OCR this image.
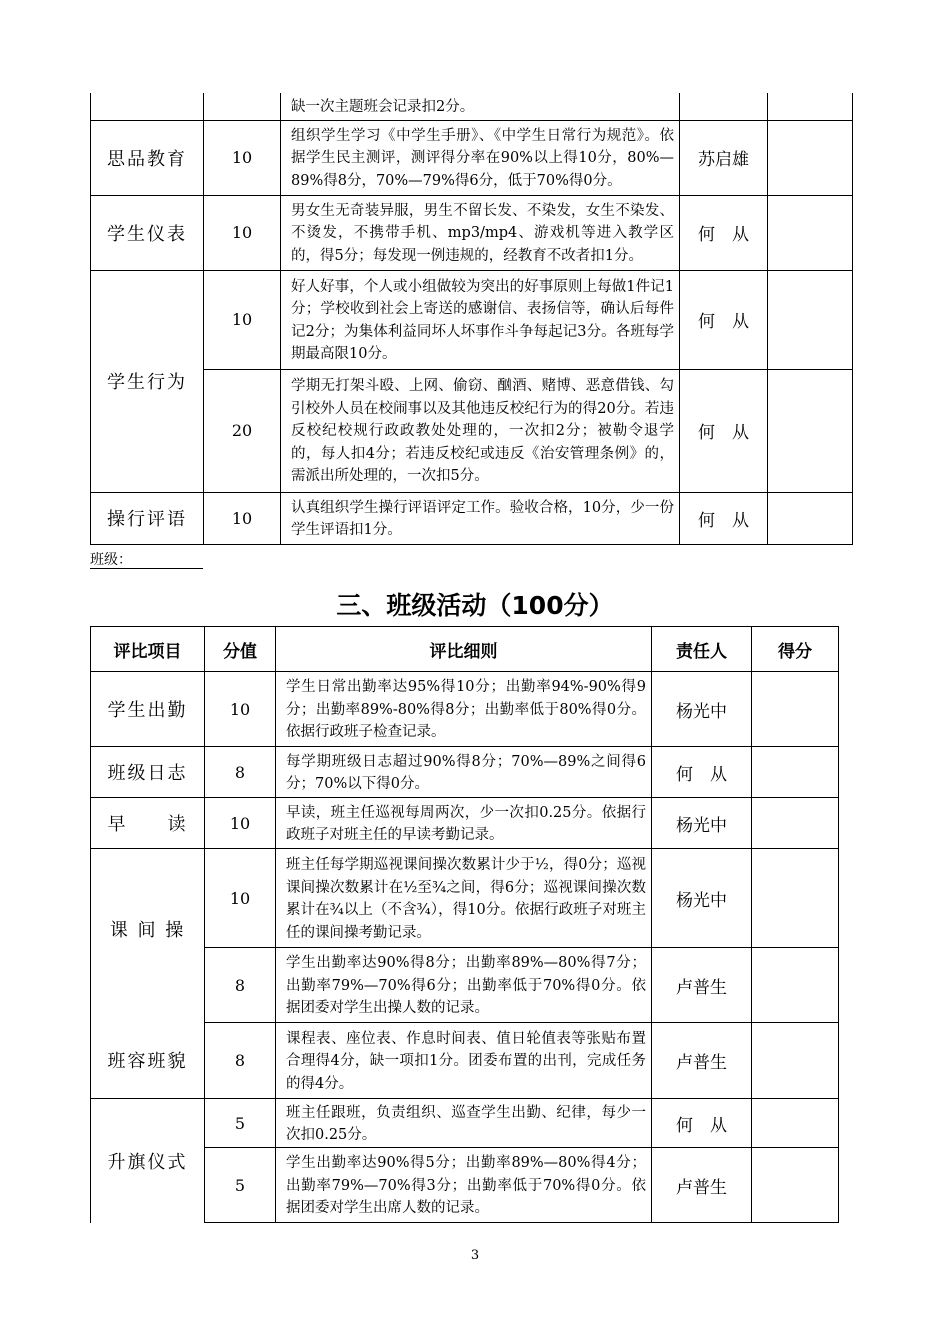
		缺一次主题班会记录扣2分。		
思品教育	10	组织学生学习《中学生手册》、《中学生日常行为规范》。依据学生民主测评，测评得分率在90%以上得10分，80%—89%得8分，70%—79%得6分，低于70%得0分。	苏启雄	
学生仪表	10	男女生无奇装异服，男生不留长发、不染发，女生不染发、不烫发，不携带手机、mp3/mp4、游戏机等进入教学区的，得5分；每发现一例违规的，经教育不改者扣1分。	何　从	
学生行为	10	好人好事，个人或小组做较为突出的好事原则上每做1件记1分；学校收到社会上寄送的感谢信、表扬信等，确认后每件记2分；为集体利益同坏人坏事作斗争每起记3分。各班每学期最高限10分。	何　从	
	20	学期无打架斗殴、上网、偷窃、酗酒、赌博、恶意借钱、勾引校外人员在校闹事以及其他违反校纪行为的得20分。若违反校纪校规行政政教处处理的，一次扣2分；被勒令退学的，每人扣4分；若违反校纪或违反《治安管理条例》的，需派出所处理的，一次扣5分。	何　从	
操行评语	10	认真组织学生操行评语评定工作。验收合格，10分，少一份学生评语扣1分。	何　从	
班级：
三、班级活动（100分）
评比项目	分值	评比细则	责任人	得分
学生出勤	10	学生日常出勤率达95%得10分；出勤率94%-90%得9分；出勤率89%-80%得8分；出勤率低于80%得0分。依据行政班子检查记录。	杨光中	
班级日志	8	每学期班级日志超过90%得8分；70%—89%之间得6分；70%以下得0分。	何　从	
早　　读	10	早读，班主任巡视每周两次，少一次扣0.25分。依据行政班子对班主任的早读考勤记录。	杨光中	
课 间 操	10	班主任每学期巡视课间操次数累计少于½，得0分；巡视课间操次数累计在½至¾之间，得6分；巡视课间操次数累计在¾以上（不含¾），得10分。依据行政班子对班主任的课间操考勤记录。	杨光中	
	8	学生出勤率达90%得8分；出勤率89%—80%得7分；出勤率79%—70%得6分；出勤率低于70%得0分。依据团委对学生出操人数的记录。	卢普生	
班容班貌	8	课程表、座位表、作息时间表、值日轮值表等张贴布置合理得4分，缺一项扣1分。团委布置的出刊，完成任务的得4分。	卢普生	
升旗仪式	5	班主任跟班，负责组织、巡查学生出勤、纪律，每少一次扣0.25分。	何　从	
	5	学生出勤率达90%得5分；出勤率89%—80%得4分；出勤率79%—70%得3分；出勤率低于70%得0分。依据团委对学生出席人数的记录。	卢普生	
3
